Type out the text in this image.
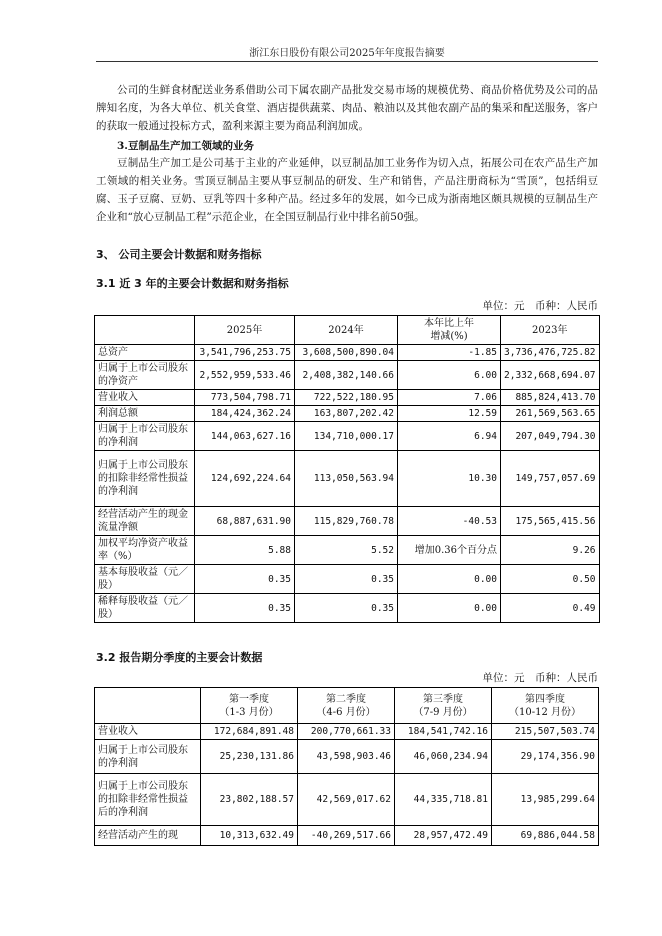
浙江东日股份有限公司2025年年度报告摘要

公司的生鲜食材配送业务系借助公司下属农副产品批发交易市场的规模优势、商品价格优势及公司的品牌知名度，为各大单位、机关食堂、酒店提供蔬菜、肉品、粮油以及其他农副产品的集采和配送服务，客户的获取一般通过投标方式，盈利来源主要为商品利润加成。

3.豆制品生产加工领域的业务

豆制品生产加工是公司基于主业的产业延伸，以豆制品加工业务作为切入点，拓展公司在农产品生产加工领域的相关业务。雪顶豆制品主要从事豆制品的研发、生产和销售，产品注册商标为“雪顶”，包括绢豆腐、玉子豆腐、豆奶、豆乳等四十多种产品。经过多年的发展，如今已成为浙南地区颇具规模的豆制品生产企业和“放心豆制品工程”示范企业，在全国豆制品行业中排名前50强。

3、 公司主要会计数据和财务指标

3.1 近 3 年的主要会计数据和财务指标

单位：元　币种：人民币

	2025年	2024年	本年比上年
增减(%)	2023年
总资产	3,541,796,253.75	3,608,500,890.04	-1.85	3,736,476,725.82
归属于上市公司股东的净资产	2,552,959,533.46	2,408,382,140.66	6.00	2,332,668,694.07
营业收入	773,504,798.71	722,522,180.95	7.06	885,824,413.70
利润总额	184,424,362.24	163,807,202.42	12.59	261,569,563.65
归属于上市公司股东的净利润	144,063,627.16	134,710,000.17	6.94	207,049,794.30
归属于上市公司股东的扣除非经常性损益的净利润	124,692,224.64	113,050,563.94	10.30	149,757,057.69
经营活动产生的现金流量净额	68,887,631.90	115,829,760.78	-40.53	175,565,415.56
加权平均净资产收益率（%）	5.88	5.52	增加0.36个百分点	9.26
基本每股收益（元／股）	0.35	0.35	0.00	0.50
稀释每股收益（元／股）	0.35	0.35	0.00	0.49

3.2 报告期分季度的主要会计数据

单位：元　币种：人民币

	第一季度
（1-3 月份）	第二季度
（4-6 月份）	第三季度
（7-9 月份）	第四季度
（10-12 月份）
营业收入	172,684,891.48	200,770,661.33	184,541,742.16	215,507,503.74
归属于上市公司股东的净利润	25,230,131.86	43,598,903.46	46,060,234.94	29,174,356.90
归属于上市公司股东的扣除非经常性损益后的净利润	23,802,188.57	42,569,017.62	44,335,718.81	13,985,299.64
经营活动产生的现	10,313,632.49	-40,269,517.66	28,957,472.49	69,886,044.58
